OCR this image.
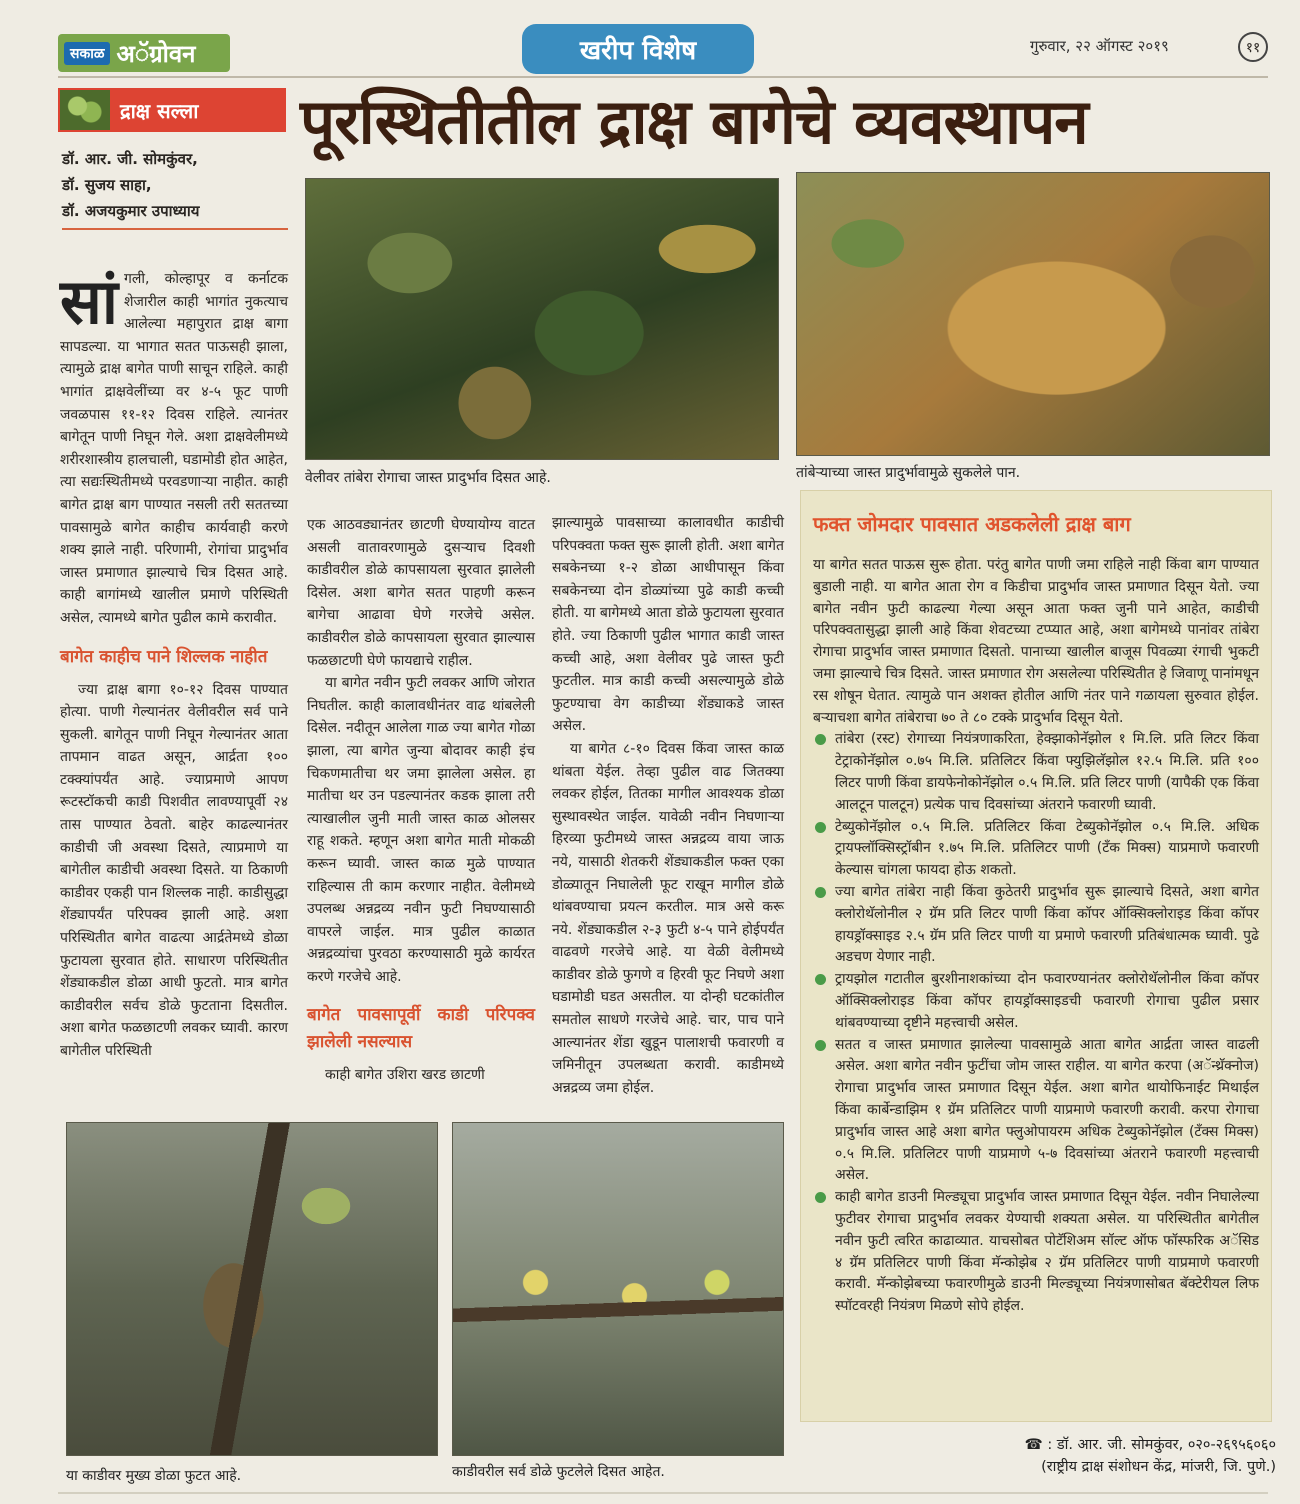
सकाळ अॅग्रोवन	खरीप विशेष	गुरुवार, २२ ऑगस्ट २०१९	११
द्राक्ष सल्ला पूरस्थितीतील द्राक्ष बागेचे व्यवस्थापन
डॉ. आर. जी. सोमकुंवर,
डॉ. सुजय साहा,
डॉ. अजयकुमार उपाध्याय
वेलीवर तांबेरा रोगाचा जास्त प्रादुर्भाव दिसत आहे.	तांबेऱ्याच्या जास्त प्रादुर्भावामुळे सुकलेले पान.

सां गली, कोल्हापूर व कर्नाटक शेजारील काही भागांत नुकत्याच आलेल्या महापुरात द्राक्ष बागा सापडल्या. या भागात सतत पाऊसही झाला, त्यामुळे द्राक्ष बागेत पाणी साचून राहिले. काही भागांत द्राक्षवेलींच्या वर ४-५ फूट पाणी जवळपास ११-१२ दिवस राहिले. त्यानंतर बागेतून पाणी निघून गेले. अशा द्राक्षवेलीमध्ये शरीरशास्त्रीय हालचाली, घडामोडी होत आहेत, त्या सद्यःस्थितीमध्ये परवडणाऱ्या नाहीत. काही बागेत द्राक्ष बाग पाण्यात नसली तरी सततच्या पावसामुळे बागेत काहीच कार्यवाही करणे शक्य झाले नाही. परिणामी, रोगांचा प्रादुर्भाव जास्त प्रमाणात झाल्याचे चित्र दिसत आहे. काही बागांमध्ये खालील प्रमाणे परिस्थिती असेल, त्यामध्ये बागेत पुढील कामे करावीत.

बागेत काहीच पाने शिल्लक नाहीत

ज्या द्राक्ष बागा १०-१२ दिवस पाण्यात होत्या. पाणी गेल्यानंतर वेलीवरील सर्व पाने सुकली. बागेतून पाणी निघून गेल्यानंतर आता तापमान वाढत असून, आर्द्रता १०० टक्क्यांपर्यंत आहे. ज्याप्रमाणे आपण रूटस्टॉकची काडी पिशवीत लावण्यापूर्वी २४ तास पाण्यात ठेवतो. बाहेर काढल्यानंतर काडीची जी अवस्था दिसते, त्याप्रमाणे या बागेतील काडीची अवस्था दिसते. या ठिकाणी काडीवर एकही पान शिल्लक नाही. काडीसुद्धा शेंड्यापर्यंत परिपक्व झाली आहे. अशा परिस्थितीत बागेत वाढत्या आर्द्रतेमध्ये डोळा फुटायला सुरवात होते. साधारण परिस्थितीत शेंड्याकडील डोळा आधी फुटतो. मात्र बागेत काडीवरील सर्वच डोळे फुटताना दिसतील. अशा बागेत फळछाटणी लवकर घ्यावी. कारण बागेतील परिस्थिती

एक आठवड्यानंतर छाटणी घेण्यायोग्य वाटत असली वातावरणामुळे दुसऱ्याच दिवशी काडीवरील डोळे कापसायला सुरवात झालेली दिसेल. अशा बागेत सतत पाहणी करून बागेचा आढावा घेणे गरजेचे असेल. काडीवरील डोळे कापसायला सुरवात झाल्यास फळछाटणी घेणे फायद्याचे राहील.

या बागेत नवीन फुटी लवकर आणि जोरात निघतील. काही कालावधीनंतर वाढ थांबलेली दिसेल. नदीतून आलेला गाळ ज्या बागेत गोळा झाला, त्या बागेत जुन्या बोदावर काही इंच चिकणमातीचा थर जमा झालेला असेल. हा मातीचा थर उन पडल्यानंतर कडक झाला तरी त्याखालील जुनी माती जास्त काळ ओलसर राहू शकते. म्हणून अशा बागेत माती मोकळी करून घ्यावी. जास्त काळ मुळे पाण्यात राहिल्यास ती काम करणार नाहीत. वेलीमध्ये उपलब्ध अन्नद्रव्य नवीन फुटी निघण्यासाठी वापरले जाईल. मात्र पुढील काळात अन्नद्रव्यांचा पुरवठा करण्यासाठी मुळे कार्यरत करणे गरजेचे आहे.

बागेत पावसापूर्वी काडी परिपक्व झालेली नसल्यास

काही बागेत उशिरा खरड छाटणी

झाल्यामुळे पावसाच्या कालावधीत काडीची परिपक्वता फक्त सुरू झाली होती. अशा बागेत सबकेनच्या १-२ डोळा आधीपासून किंवा सबकेनच्या दोन डोळ्यांच्या पुढे काडी कच्ची होती. या बागेमध्ये आता डोळे फुटायला सुरवात होते. ज्या ठिकाणी पुढील भागात काडी जास्त कच्ची आहे, अशा वेलीवर पुढे जास्त फुटी फुटतील. मात्र काडी कच्ची असल्यामुळे डोळे फुटण्याचा वेग काडीच्या शेंड्याकडे जास्त असेल.

या बागेत ८-१० दिवस किंवा जास्त काळ थांबता येईल. तेव्हा पुढील वाढ जितक्या लवकर होईल, तितका मागील आवश्यक डोळा सुस्थावस्थेत जाईल. यावेळी नवीन निघणाऱ्या हिरव्या फुटीमध्ये जास्त अन्नद्रव्य वाया जाऊ नये, यासाठी शेतकरी शेंड्याकडील फक्त एका डोळ्यातून निघालेली फूट राखून मागील डोळे थांबवण्याचा प्रयत्न करतील. मात्र असे करू नये. शेंड्याकडील २-३ फुटी ४-५ पाने होईपर्यंत वाढवणे गरजेचे आहे. या वेळी वेलीमध्ये काडीवर डोळे फुगणे व हिरवी फूट निघणे अशा घडामोडी घडत असतील. या दोन्ही घटकांतील समतोल साधणे गरजेचे आहे. चार, पाच पाने आल्यानंतर शेंडा खुडून पालाशची फवारणी व जमिनीतून उपलब्धता करावी. काडीमध्ये अन्नद्रव्य जमा होईल.

फक्त जोमदार पावसात अडकलेली द्राक्ष बाग

या बागेत सतत पाऊस सुरू होता. परंतु बागेत पाणी जमा राहिले नाही किंवा बाग पाण्यात बुडाली नाही. या बागेत आता रोग व किडीचा प्रादुर्भाव जास्त प्रमाणात दिसून येतो. ज्या बागेत नवीन फुटी काढल्या गेल्या असून आता फक्त जुनी पाने आहेत, काडीची परिपक्वतासुद्धा झाली आहे किंवा शेवटच्या टप्प्यात आहे, अशा बागेमध्ये पानांवर तांबेरा रोगाचा प्रादुर्भाव जास्त प्रमाणात दिसतो. पानाच्या खालील बाजूस पिवळ्या रंगाची भुकटी जमा झाल्याचे चित्र दिसते. जास्त प्रमाणात रोग असलेल्या परिस्थितीत हे जिवाणू पानांमधून रस शोषून घेतात. त्यामुळे पान अशक्त होतील आणि नंतर पाने गळायला सुरुवात होईल. बऱ्याचशा बागेत तांबेराचा ७० ते ८० टक्के प्रादुर्भाव दिसून येतो.

तांबेरा (रस्ट) रोगाच्या नियंत्रणाकरिता, हेक्झाकोनॅझोल १ मि.लि. प्रति लिटर किंवा टेट्राकोनॅझोल ०.७५ मि.लि. प्रतिलिटर किंवा फ्युझिलॅझोल १२.५ मि.लि. प्रति १०० लिटर पाणी किंवा डायफेनोकोनॅझोल ०.५ मि.लि. प्रति लिटर पाणी (यापैकी एक किंवा आलटून पालटून) प्रत्येक पाच दिवसांच्या अंतराने फवारणी घ्यावी.
टेब्युकोनॅझोल ०.५ मि.लि. प्रतिलिटर किंवा टेब्युकोनॅझोल ०.५ मि.लि. अधिक ट्रायफ्लॉक्सिस्ट्रॉबीन १.७५ मि.लि. प्रतिलिटर पाणी (टँक मिक्स) याप्रमाणे फवारणी केल्यास चांगला फायदा होऊ शकतो.
ज्या बागेत तांबेरा नाही किंवा कुठेतरी प्रादुर्भाव सुरू झाल्याचे दिसते, अशा बागेत क्लोरोथॅलोनील २ ग्रॅम प्रति लिटर पाणी किंवा कॉपर ऑक्सिक्लोराइड किंवा कॉपर हायड्रॉक्साइड २.५ ग्रॅम प्रति लिटर पाणी या प्रमाणे फवारणी प्रतिबंधात्मक घ्यावी. पुढे अडचण येणार नाही.
ट्रायझोल गटातील बुरशीनाशकांच्या दोन फवारण्यानंतर क्लोरोथॅलोनील किंवा कॉपर ऑक्सिक्लोराइड किंवा कॉपर हायड्रॉक्साइडची फवारणी रोगाचा पुढील प्रसार थांबवण्याच्या दृष्टीने महत्त्वाची असेल.
सतत व जास्त प्रमाणात झालेल्या पावसामुळे आता बागेत आर्द्रता जास्त वाढली असेल. अशा बागेत नवीन फुटींचा जोम जास्त राहील. या बागेत करपा (अॅन्थ्रॅक्नोज) रोगाचा प्रादुर्भाव जास्त प्रमाणात दिसून येईल. अशा बागेत थायोफिनाईट मिथाईल किंवा कार्बेन्डाझिम १ ग्रॅम प्रतिलिटर पाणी याप्रमाणे फवारणी करावी. करपा रोगाचा प्रादुर्भाव जास्त आहे अशा बागेत फ्लुओपायरम अधिक टेब्युकोनॅझोल (टॅंक्स मिक्स) ०.५ मि.लि. प्रतिलिटर पाणी याप्रमाणे ५-७ दिवसांच्या अंतराने फवारणी महत्त्वाची असेल.
काही बागेत डाउनी मिल्ड्यूचा प्रादुर्भाव जास्त प्रमाणात दिसून येईल. नवीन निघालेल्या फुटीवर रोगाचा प्रादुर्भाव लवकर येण्याची शक्यता असेल. या परिस्थितीत बागेतील नवीन फुटी त्वरित काढाव्यात. याचसोबत पोटॅशिअम सॉल्ट ऑफ फॉस्फरिक अॅसिड ४ ग्रॅम प्रतिलिटर पाणी किंवा मॅन्कोझेब २ ग्रॅम प्रतिलिटर पाणी याप्रमाणे फवारणी करावी. मॅन्कोझेबच्या फवारणीमुळे डाउनी मिल्ड्यूच्या नियंत्रणासोबत बॅक्टेरीयल लिफ स्पॉटवरही नियंत्रण मिळणे सोपे होईल.
या काडीवर मुख्य डोळा फुटत आहे.	काडीवरील सर्व डोळे फुटलेले दिसत आहेत.
☎ : डॉ. आर. जी. सोमकुंवर, ०२०-२६९५६०६०
(राष्ट्रीय द्राक्ष संशोधन केंद्र, मांजरी, जि. पुणे.)
